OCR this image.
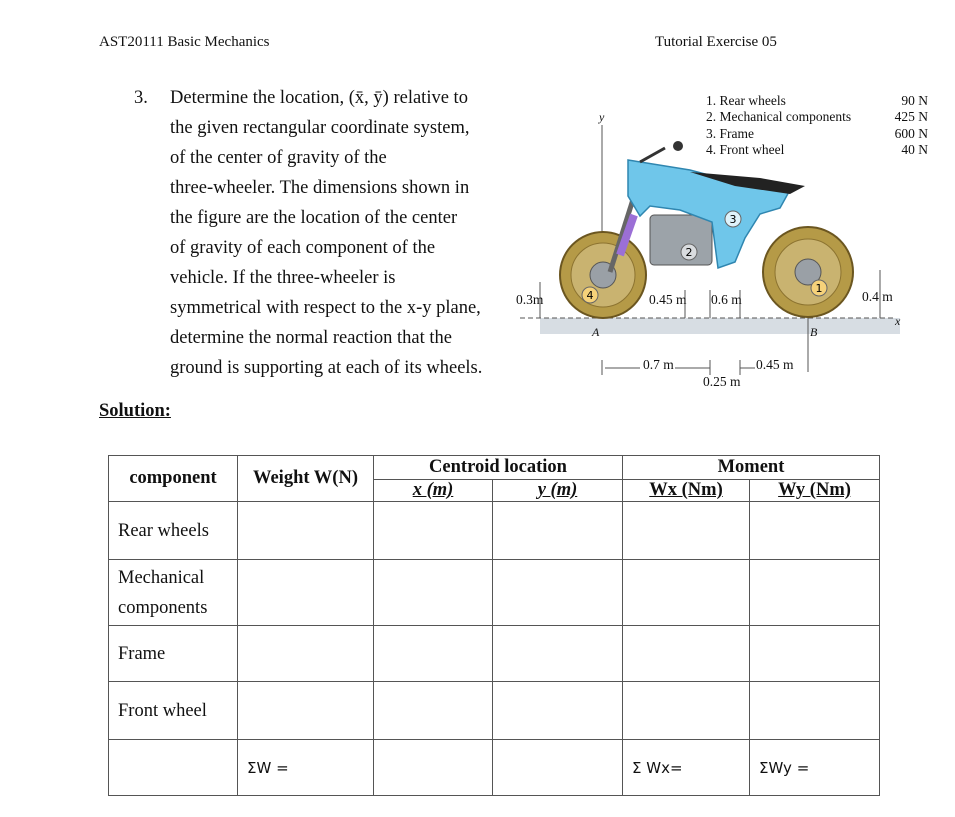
AST20111 Basic Mechanics	Tutorial Exercise 05
3. Determine the location, (x̄, ȳ) relative to
the given rectangular coordinate system,
of the center of gravity of the
three-wheeler. The dimensions shown in
the figure are the location of the center
of gravity of each component of the
vehicle. If the three-wheeler is
symmetrical with respect to the x-y plane,
determine the normal reaction that the
ground is supporting at each of its wheels.
1
2
3
4
y
x
A	B
0.3m	0.45 m 0.6 m	0.4 m
0.7 m	0.45 m
0.25 m
1. Rear wheels	90 N
2. Mechanical components	425 N
3. Frame	600 N
4. Front wheel	40 N
Solution:
component	Weight W(N)	Centroid location		Moment	
		x (m)	y (m)	Wx (Nm)	Wy (Nm)
Rear wheels					
Mechanical components					
Frame					
Front wheel					
	ΣW =			Σ Wx=	ΣWy =
